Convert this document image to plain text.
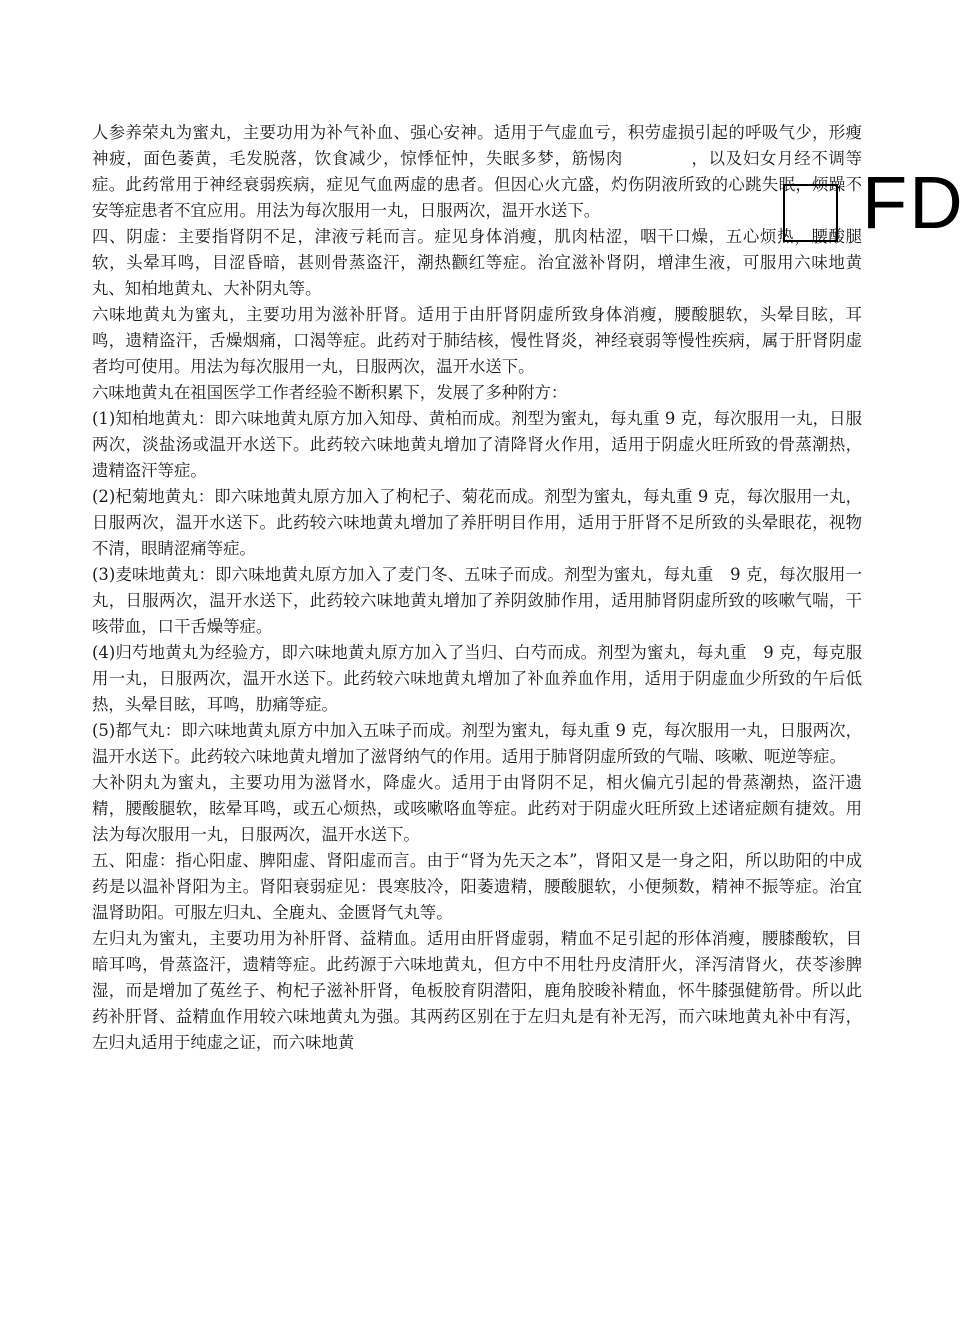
人参养荣丸为蜜丸，主要功用为补气补血、强心安神。适用于气虚血亏，积劳虚损引起的呼吸气少，形瘦神疲，面色萎黄，毛发脱落，饮食减少，惊悸怔忡，失眠多梦，筋惕肉　　　　，以及妇女月经不调等症。此药常用于神经衰弱疾病，症见气血两虚的患者。但因心火亢盛，灼伤阴液所致的心跳失眠，烦躁不安等症患者不宜应用。用法为每次服用一丸，日服两次，温开水送下。

四、阴虚：主要指肾阴不足，津液亏耗而言。症见身体消瘦，肌肉枯涩，咽干口燥，五心烦热，腰酸腿软，头晕耳鸣，目涩昏暗，甚则骨蒸盗汗，潮热颧红等症。治宜滋补肾阴，增津生液，可服用六味地黄丸、知柏地黄丸、大补阴丸等。

六味地黄丸为蜜丸，主要功用为滋补肝肾。适用于由肝肾阴虚所致身体消瘦，腰酸腿软，头晕目眩，耳鸣，遗精盗汗，舌燥烟痛，口渴等症。此药对于肺结核，慢性肾炎，神经衰弱等慢性疾病，属于肝肾阴虚者均可使用。用法为每次服用一丸，日服两次，温开水送下。

六味地黄丸在祖国医学工作者经验不断积累下，发展了多种附方：

(1)知柏地黄丸：即六味地黄丸原方加入知母、黄柏而成。剂型为蜜丸，每丸重 9 克，每次服用一丸，日服两次，淡盐汤或温开水送下。此药较六味地黄丸增加了清降肾火作用，适用于阴虚火旺所致的骨蒸潮热，遗精盗汗等症。

(2)杞菊地黄丸：即六味地黄丸原方加入了枸杞子、菊花而成。剂型为蜜丸，每丸重 9 克，每次服用一丸，日服两次，温开水送下。此药较六味地黄丸增加了养肝明目作用，适用于肝肾不足所致的头晕眼花，视物不清，眼睛涩痛等症。

(3)麦味地黄丸：即六味地黄丸原方加入了麦门冬、五味子而成。剂型为蜜丸，每丸重　9 克，每次服用一丸，日服两次，温开水送下，此药较六味地黄丸增加了养阴敛肺作用，适用肺肾阴虚所致的咳嗽气喘，干咳带血，口干舌燥等症。

(4)归芍地黄丸为经验方，即六味地黄丸原方加入了当归、白芍而成。剂型为蜜丸，每丸重　9 克，每克服用一丸，日服两次，温开水送下。此药较六味地黄丸增加了补血养血作用，适用于阴虚血少所致的午后低热，头晕目眩，耳鸣，肋痛等症。

(5)都气丸：即六味地黄丸原方中加入五味子而成。剂型为蜜丸，每丸重 9 克，每次服用一丸，日服两次，温开水送下。此药较六味地黄丸增加了滋肾纳气的作用。适用于肺肾阴虚所致的气喘、咳嗽、呃逆等症。

大补阴丸为蜜丸，主要功用为滋肾水，降虚火。适用于由肾阴不足，相火偏亢引起的骨蒸潮热，盗汗遗精，腰酸腿软，眩晕耳鸣，或五心烦热，或咳嗽咯血等症。此药对于阴虚火旺所致上述诸症颇有捷效。用法为每次服用一丸，日服两次，温开水送下。

五、阳虚：指心阳虚、脾阳虚、肾阳虚而言。由于“肾为先天之本”，肾阳又是一身之阳，所以助阳的中成药是以温补肾阳为主。肾阳衰弱症见：畏寒肢冷，阳萎遗精，腰酸腿软，小便频数，精神不振等症。治宜温肾助阳。可服左归丸、全鹿丸、金匮肾气丸等。

左归丸为蜜丸，主要功用为补肝肾、益精血。适用由肝肾虚弱，精血不足引起的形体消瘦，腰膝酸软，目暗耳鸣，骨蒸盗汗，遗精等症。此药源于六味地黄丸，但方中不用牡丹皮清肝火，泽泻清肾火，茯苓渗脾湿，而是增加了菟丝子、枸杞子滋补肝肾，龟板胶育阴潜阳，鹿角胶晙补精血，怀牛膝强健筋骨。所以此药补肝肾、益精血作用较六味地黄丸为强。其两药区别在于左归丸是有补无泻，而六味地黄丸补中有泻，左归丸适用于纯虚之证，而六味地黄

FD
